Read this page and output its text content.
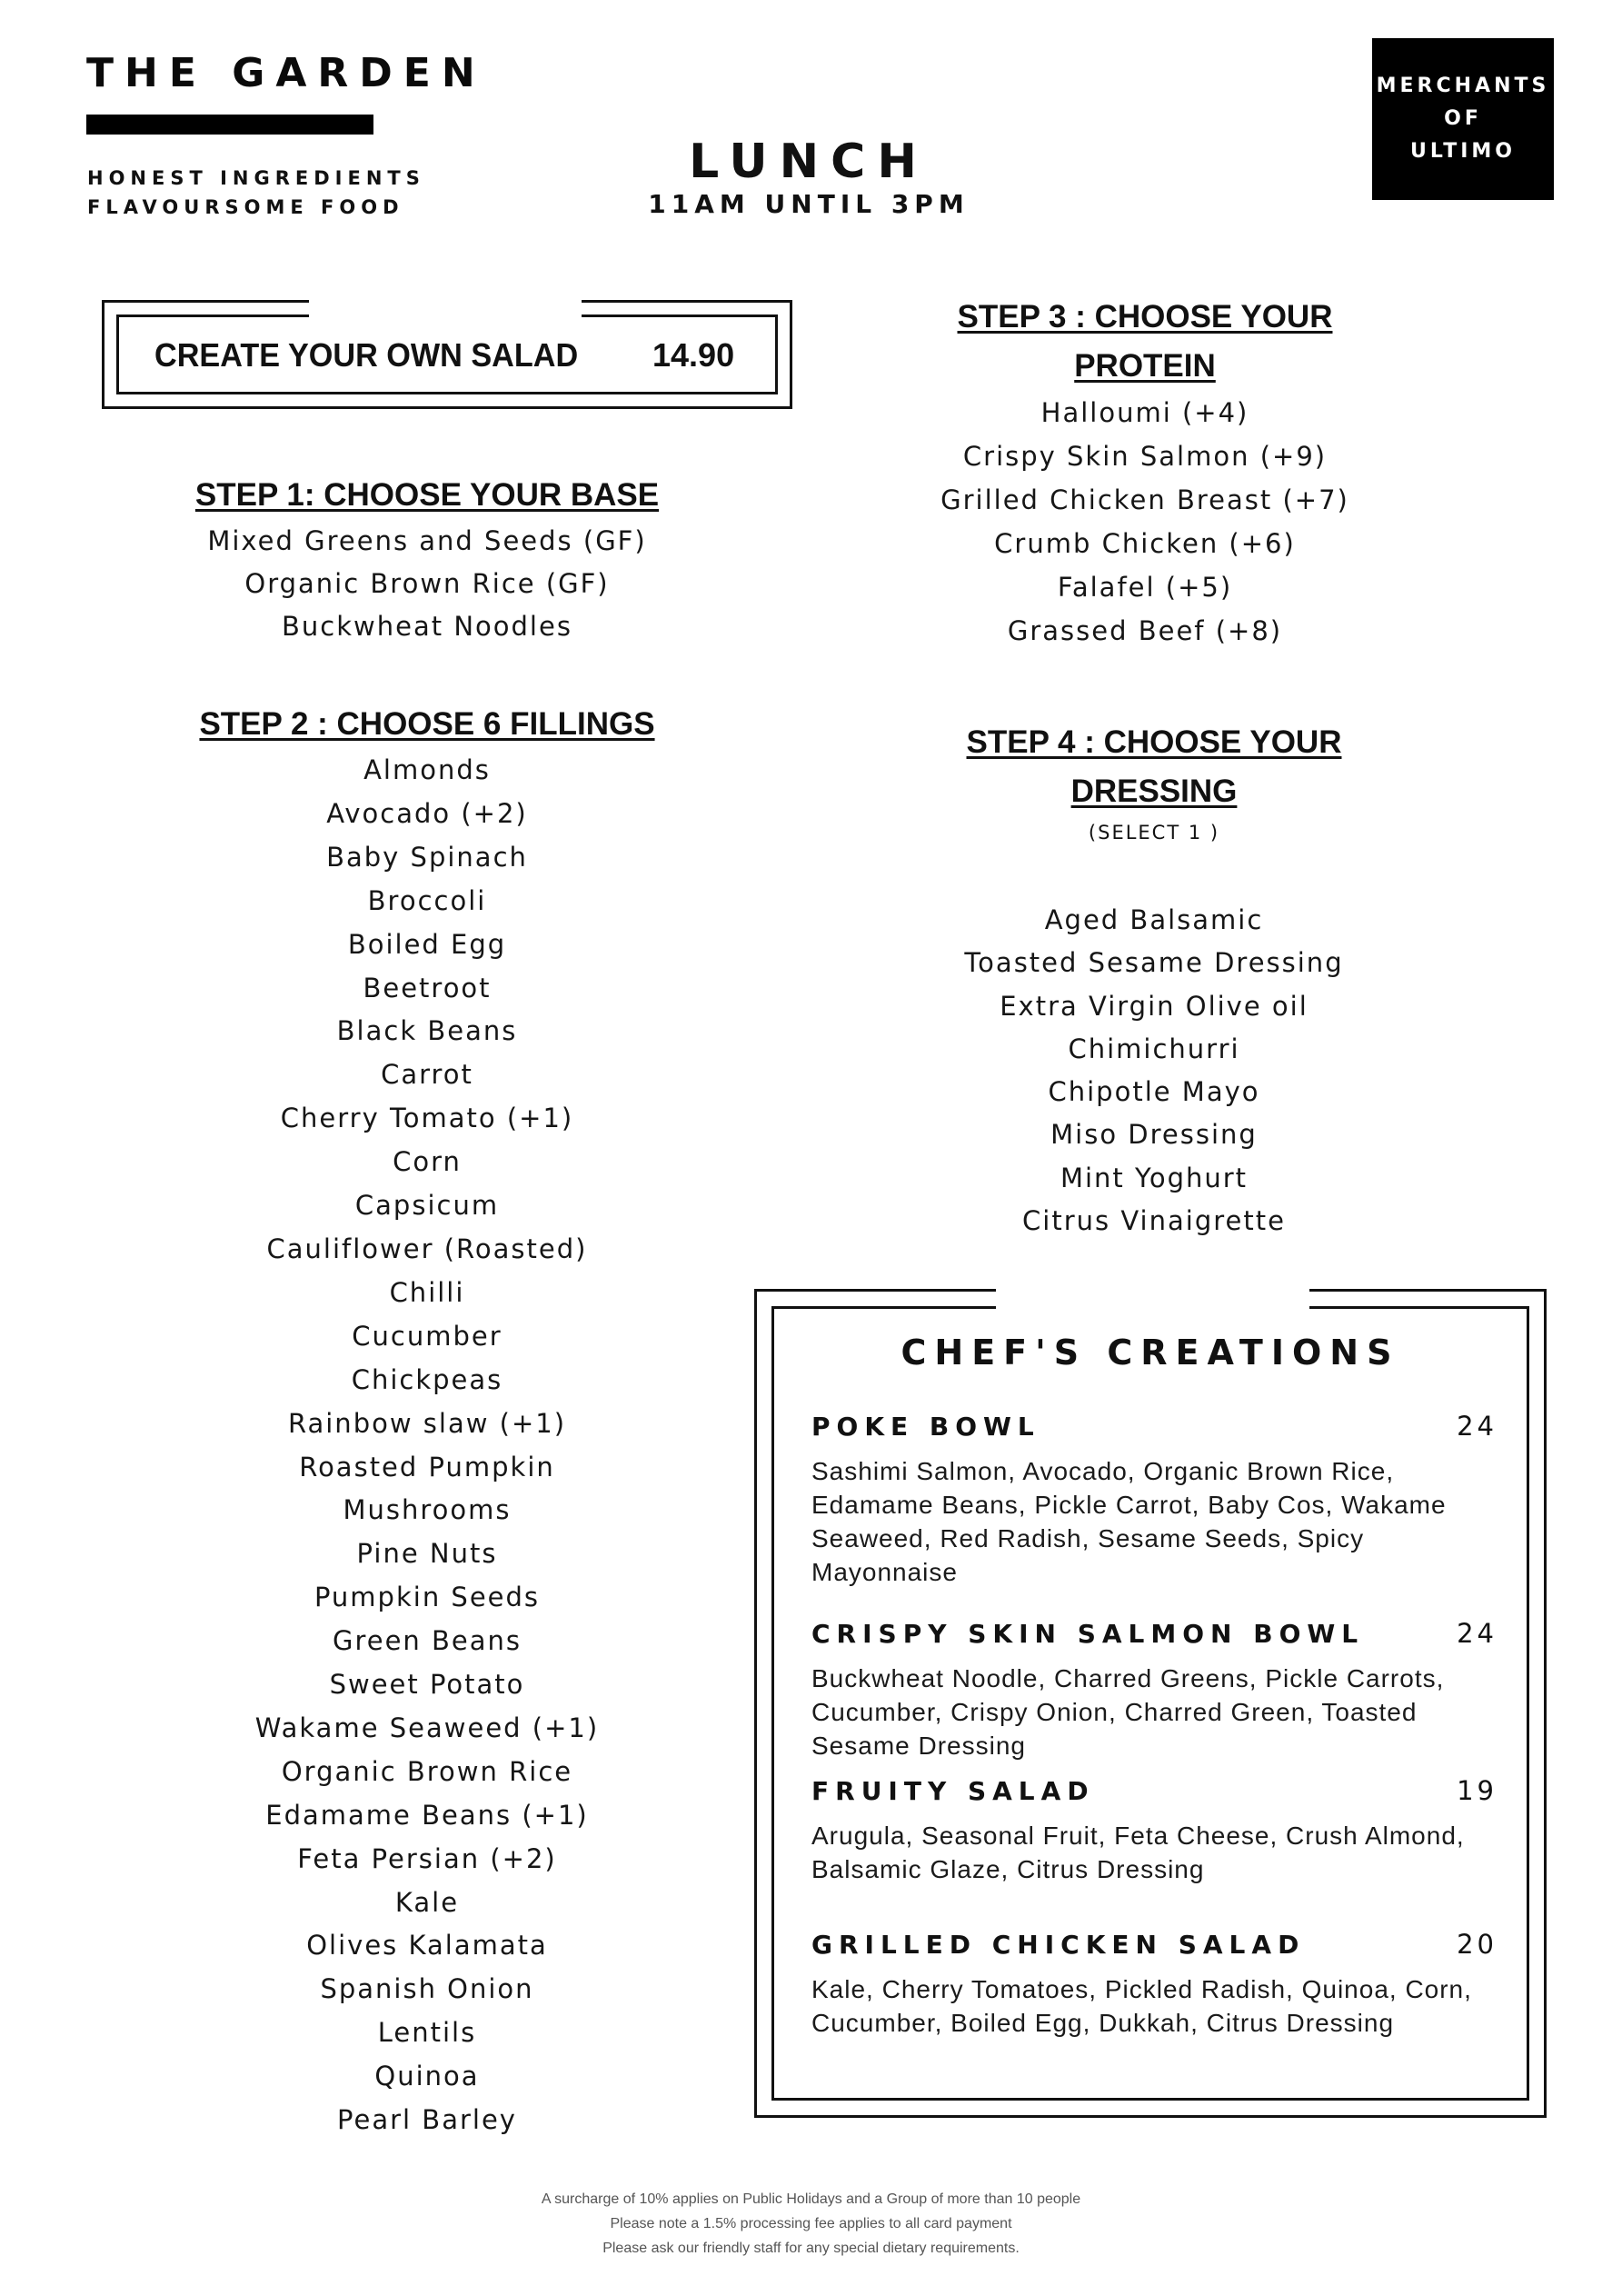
THE GARDEN
HONEST INGREDIENTS
FLAVOURSOME FOOD
LUNCH
11AM UNTIL 3PM
MERCHANTS
OF
ULTIMO
CREATE YOUR OWN SALAD 14.90
STEP 1: CHOOSE YOUR BASE
Mixed Greens and Seeds (GF)
Organic Brown Rice (GF)
Buckwheat Noodles
STEP 2 : CHOOSE 6 FILLINGS
Almonds
Avocado (+2)
Baby Spinach
Broccoli
Boiled Egg
Beetroot
Black Beans
Carrot
Cherry Tomato (+1)
Corn
Capsicum
Cauliflower (Roasted)
Chilli
Cucumber
Chickpeas
Rainbow slaw (+1)
Roasted Pumpkin
Mushrooms
Pine Nuts
Pumpkin Seeds
Green Beans
Sweet Potato
Wakame Seaweed (+1)
Organic Brown Rice
Edamame Beans (+1)
Feta Persian (+2)
Kale
Olives Kalamata
Spanish Onion
Lentils
Quinoa
Pearl Barley
STEP 3 : CHOOSE YOUR
PROTEIN
Halloumi (+4)
Crispy Skin Salmon (+9)
Grilled Chicken Breast (+7)
Crumb Chicken (+6)
Falafel (+5)
Grassed Beef (+8)
STEP 4 : CHOOSE YOUR
DRESSING
(SELECT 1 )
Aged Balsamic
Toasted Sesame Dressing
Extra Virgin Olive oil
Chimichurri
Chipotle Mayo
Miso Dressing
Mint Yoghurt
Citrus Vinaigrette
CHEF'S CREATIONS
POKE BOWL	24
Sashimi Salmon, Avocado, Organic Brown Rice, Edamame Beans, Pickle Carrot, Baby Cos, Wakame Seaweed, Red Radish, Sesame Seeds, Spicy Mayonnaise
CRISPY SKIN SALMON BOWL	24
Buckwheat Noodle, Charred Greens, Pickle Carrots, Cucumber, Crispy Onion, Charred Green, Toasted Sesame Dressing
FRUITY SALAD	19
Arugula, Seasonal Fruit, Feta Cheese, Crush Almond, Balsamic Glaze, Citrus Dressing
GRILLED CHICKEN SALAD	20
Kale, Cherry Tomatoes, Pickled Radish, Quinoa, Corn, Cucumber, Boiled Egg, Dukkah, Citrus Dressing
A surcharge of 10% applies on Public Holidays and a Group of more than 10 people
Please note a 1.5% processing fee applies to all card payment
Please ask our friendly staff for any special dietary requirements.
